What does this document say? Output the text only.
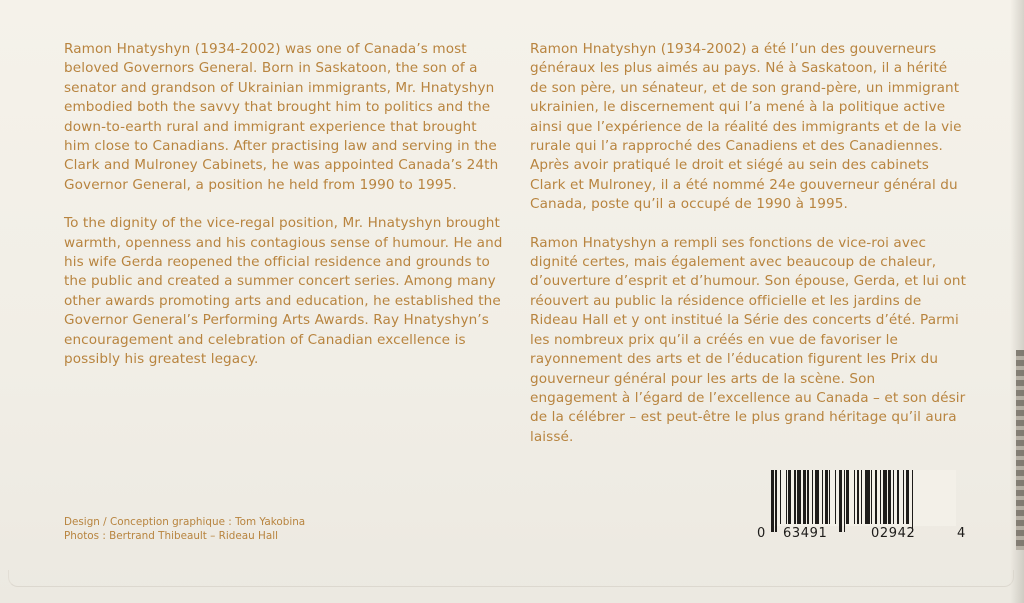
Ramon Hnatyshyn (1934-2002) was one of Canada’s most beloved Governors General. Born in Saskatoon, the son of a senator and grandson of Ukrainian immigrants, Mr. Hnatyshyn embodied both the savvy that brought him to politics and the down-to-earth rural and immigrant experience that brought him close to Canadians. After practising law and serving in the Clark and Mulroney Cabinets, he was appointed Canada’s 24th Governor General, a position he held from 1990 to 1995.

To the dignity of the vice-regal position, Mr. Hnatyshyn brought warmth, openness and his contagious sense of humour. He and his wife Gerda reopened the official residence and grounds to the public and created a summer concert series. Among many other awards promoting arts and education, he established the Governor General’s Performing Arts Awards. Ray Hnatyshyn’s encouragement and celebration of Canadian excellence is possibly his greatest legacy.

Ramon Hnatyshyn (1934-2002) a été l’un des gouverneurs généraux les plus aimés au pays. Né à Saskatoon, il a hérité de son père, un sénateur, et de son grand-père, un immigrant ukrainien, le discernement qui l’a mené à la politique active ainsi que l’expérience de la réalité des immigrants et de la vie rurale qui l’a rapproché des Canadiens et des Canadiennes. Après avoir pratiqué le droit et siégé au sein des cabinets Clark et Mulroney, il a été nommé 24e gouverneur général du Canada, poste qu’il a occupé de 1990 à 1995.

Ramon Hnatyshyn a rempli ses fonctions de vice-roi avec dignité certes, mais également avec beaucoup de chaleur, d’ouverture d’esprit et d’humour. Son épouse, Gerda, et lui ont réouvert au public la résidence officielle et les jardins de Rideau Hall et y ont institué la Série des concerts d’été. Parmi les nombreux prix qu’il a créés en vue de favoriser le rayonnement des arts et de l’éducation figurent les Prix du gouverneur général pour les arts de la scène. Son engagement à l’égard de l’excellence au Canada – et son désir de la célébrer – est peut-être le plus grand héritage qu’il aura laissé.

Design / Conception graphique : Tom Yakobina
Photos : Bertrand Thibeault – Rideau Hall	0 63491	02942	4
